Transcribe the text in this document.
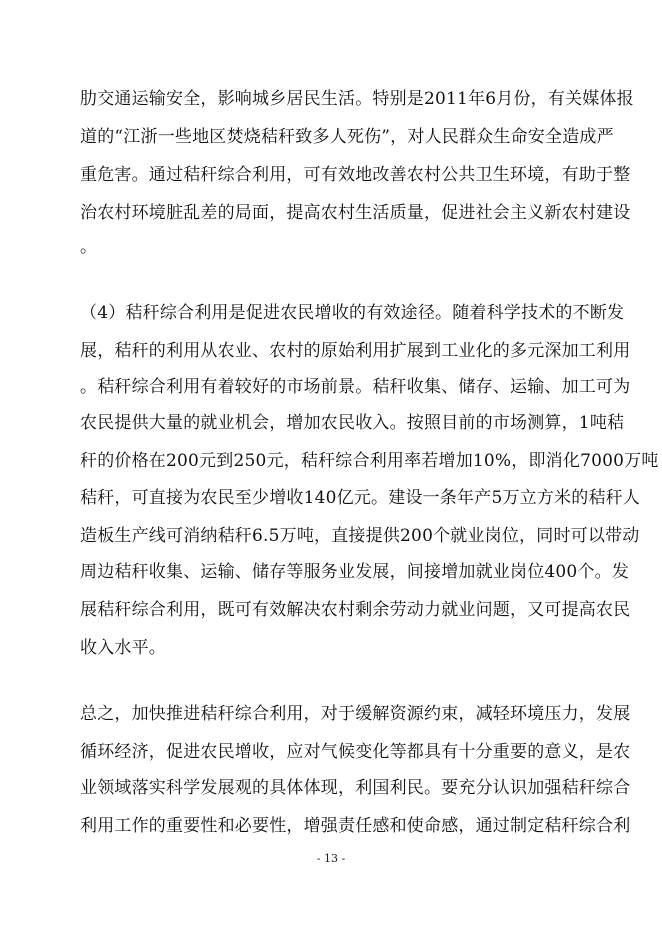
肋交通运输安全，影响城乡居民生活。特别是2011年6月份，有关媒体报
道的“江浙一些地区焚烧秸秆致多人死伤”，对人民群众生命安全造成严
重危害。通过秸秆综合利用，可有效地改善农村公共卫生环境，有助于整
治农村环境脏乱差的局面，提高农村生活质量，促进社会主义新农村建设
。
（4）秸秆综合利用是促进农民增收的有效途径。随着科学技术的不断发
展，秸秆的利用从农业、农村的原始利用扩展到工业化的多元深加工利用
。秸秆综合利用有着较好的市场前景。秸秆收集、储存、运输、加工可为
农民提供大量的就业机会，增加农民收入。按照目前的市场测算，1吨秸
秆的价格在200元到250元，秸秆综合利用率若增加10%，即消化7000万吨
秸秆，可直接为农民至少增收140亿元。建设一条年产5万立方米的秸秆人
造板生产线可消纳秸秆6.5万吨，直接提供200个就业岗位，同时可以带动
周边秸秆收集、运输、储存等服务业发展，间接增加就业岗位400个。发
展秸秆综合利用，既可有效解决农村剩余劳动力就业问题，又可提高农民
收入水平。
总之，加快推进秸秆综合利用，对于缓解资源约束，减轻环境压力，发展
循环经济，促进农民增收，应对气候变化等都具有十分重要的意义，是农
业领域落实科学发展观的具体体现，利国利民。要充分认识加强秸秆综合
利用工作的重要性和必要性，增强责任感和使命感，通过制定秸秆综合利
- 13 -
